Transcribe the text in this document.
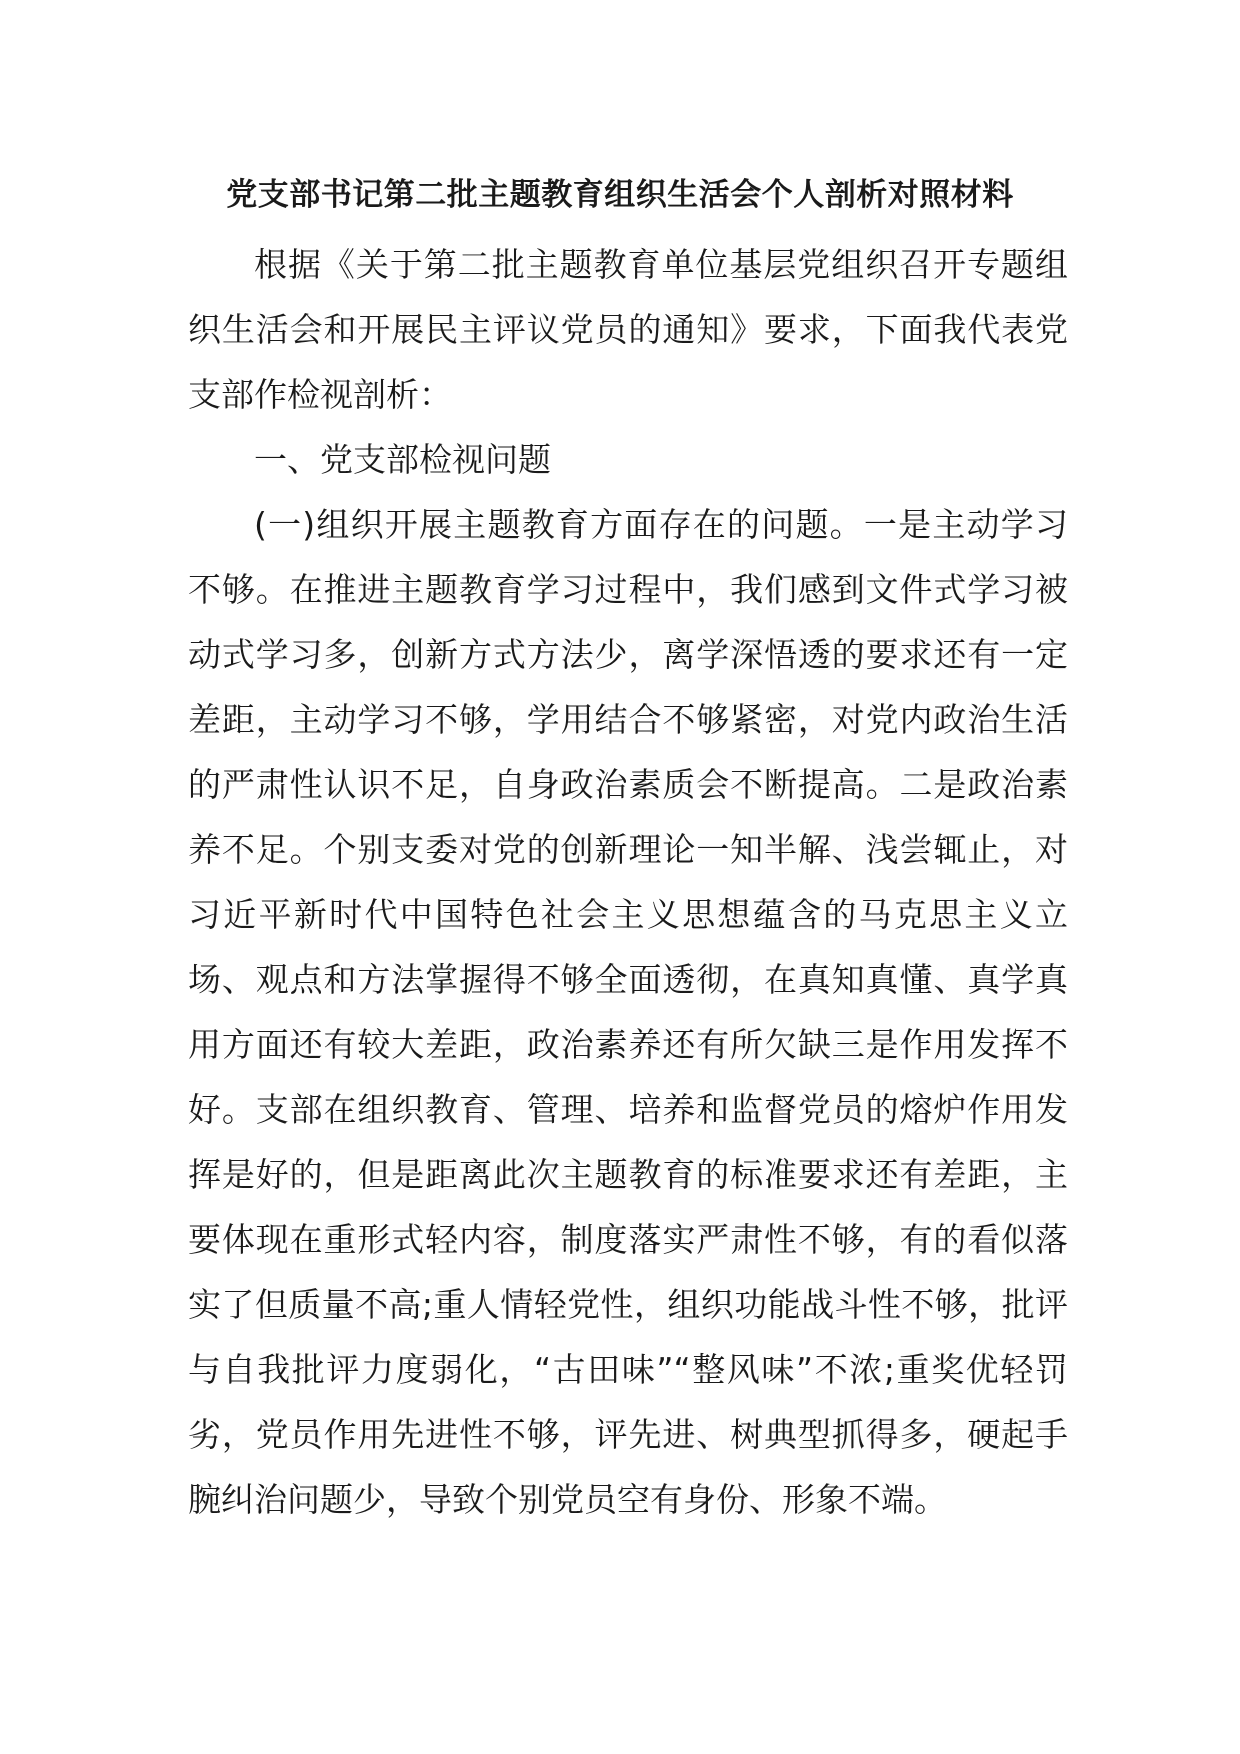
党支部书记第二批主题教育组织生活会个人剖析对照材料

根据《关于第二批主题教育单位基层党组织召开专题组织生活会和开展民主评议党员的通知》要求，下面我代表党支部作检视剖析：

一、党支部检视问题

(一)组织开展主题教育方面存在的问题。一是主动学习不够。在推进主题教育学习过程中，我们感到文件式学习被动式学习多，创新方式方法少，离学深悟透的要求还有一定差距，主动学习不够，学用结合不够紧密，对党内政治生活的严肃性认识不足，自身政治素质会不断提高。二是政治素养不足。个别支委对党的创新理论一知半解、浅尝辄止，对习近平新时代中国特色社会主义思想蕴含的马克思主义立场、观点和方法掌握得不够全面透彻，在真知真懂、真学真用方面还有较大差距，政治素养还有所欠缺三是作用发挥不好。支部在组织教育、管理、培养和监督党员的熔炉作用发挥是好的，但是距离此次主题教育的标准要求还有差距，主要体现在重形式轻内容，制度落实严肃性不够，有的看似落实了但质量不高;重人情轻党性，组织功能战斗性不够，批评与自我批评力度弱化，“古田味”“整风味”不浓;重奖优轻罚劣，党员作用先进性不够，评先进、树典型抓得多，硬起手腕纠治问题少，导致个别党员空有身份、形象不端。
